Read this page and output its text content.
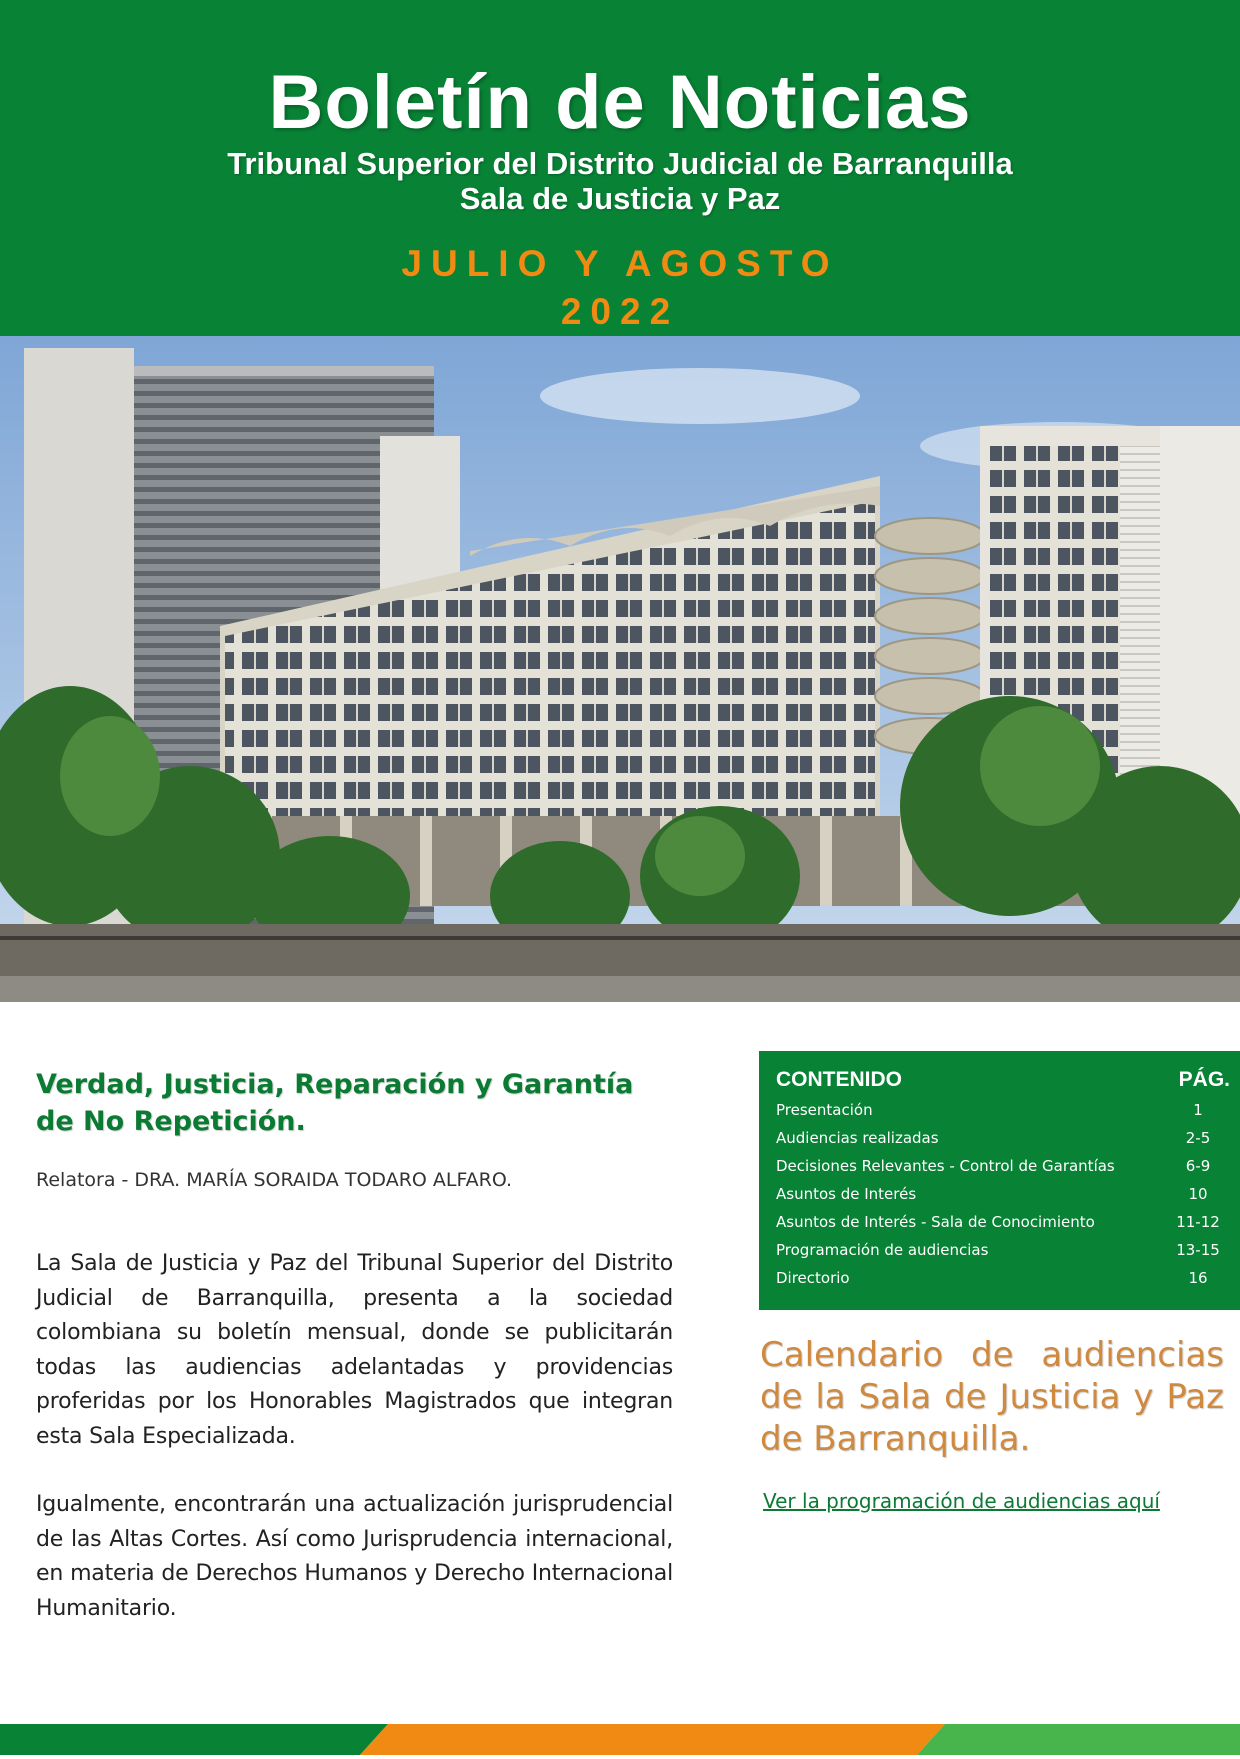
Boletín de Noticias
Tribunal Superior del Distrito Judicial de Barranquilla
Sala de Justicia y Paz
JULIO Y AGOSTO
2022
Verdad, Justicia, Reparación y Garantía de No Repetición.
Relatora - DRA. MARÍA SORAIDA TODARO ALFARO.

La Sala de Justicia y Paz del Tribunal Superior del Distrito Judicial de Barranquilla, presenta a la sociedad colombiana su boletín mensual, donde se publicitarán todas las audiencias adelantadas y providencias proferidas por los Honorables Magistrados que integran esta Sala Especializada.

Igualmente, encontrarán una actualización jurisprudencial de las Altas Cortes. Así como Jurisprudencia internacional, en materia de Derechos Humanos y Derecho Internacional Humanitario.

CONTENIDO	PÁG.
Presentación	1
Audiencias realizadas	2-5
Decisiones Relevantes - Control de Garantías	6-9
Asuntos de Interés	10
Asuntos de Interés - Sala de Conocimiento	11-12
Programación de audiencias	13-15
Directorio	16
Calendario de audiencias de la Sala de Justicia y Paz de Barranquilla.
Ver la programación de audiencias aquí
